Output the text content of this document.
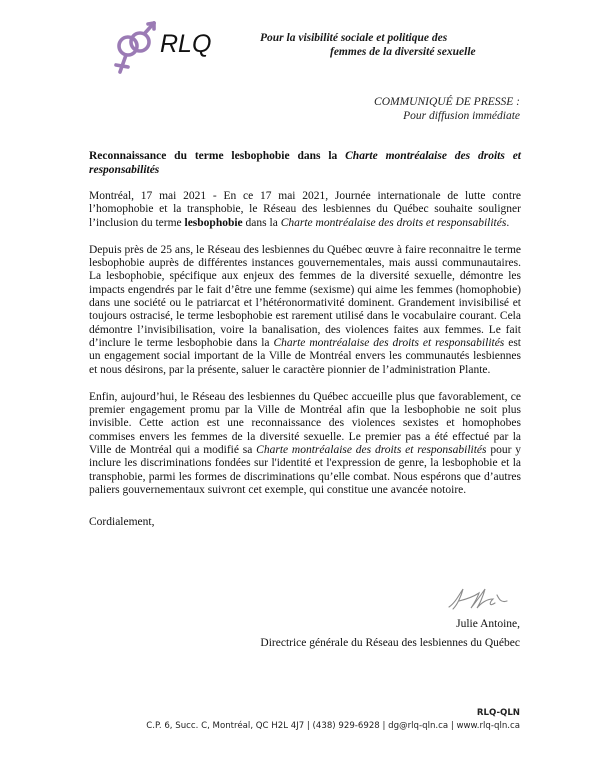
RLQ	Pour la visibilité sociale et politique des
femmes de la diversité sexuelle
COMMUNIQUÉ DE PRESSE :
Pour diffusion immédiate
Reconnaissance du terme lesbophobie dans la Charte montréalaise des droits et responsabilités

Montréal, 17 mai 2021 - En ce 17 mai 2021, Journée internationale de lutte contre l’homophobie et la transphobie, le Réseau des lesbiennes du Québec souhaite souligner l’inclusion du terme lesbophobie dans la Charte montréalaise des droits et responsabilités.

Depuis près de 25 ans, le Réseau des lesbiennes du Québec œuvre à faire reconnaitre le terme lesbophobie auprès de différentes instances gouvernementales, mais aussi communautaires. La lesbophobie, spécifique aux enjeux des femmes de la diversité sexuelle, démontre les impacts engendrés par le fait d’être une femme (sexisme) qui aime les femmes (homophobie) dans une société ou le patriarcat et l’hétéronormativité dominent. Grandement invisibilisé et toujours ostracisé, le terme lesbophobie est rarement utilisé dans le vocabulaire courant. Cela démontre l’invisibilisation, voire la banalisation, des violences faites aux femmes. Le fait d’inclure le terme lesbophobie dans la Charte montréalaise des droits et responsabilités est un engagement social important de la Ville de Montréal envers les communautés lesbiennes et nous désirons, par la présente, saluer le caractère pionnier de l’administration Plante.

Enfin, aujourd’hui, le Réseau des lesbiennes du Québec accueille plus que favorablement, ce premier engagement promu par la Ville de Montréal afin que la lesbophobie ne soit plus invisible. Cette action est une reconnaissance des violences sexistes et homophobes commises envers les femmes de la diversité sexuelle. Le premier pas a été effectué par la Ville de Montréal qui a modifié sa Charte montréalaise des droits et responsabilités pour y inclure les discriminations fondées sur l'identité et l'expression de genre, la lesbophobie et la transphobie, parmi les formes de discriminations qu’elle combat. Nous espérons que d’autres paliers gouvernementaux suivront cet exemple, qui constitue une avancée notoire.

Cordialement,

Julie Antoine,
Directrice générale du Réseau des lesbiennes du Québec
RLQ-QLN
C.P. 6, Succ. C, Montréal, QC H2L 4J7 | (438) 929-6928 | dg@rlq-qln.ca | www.rlq-qln.ca
